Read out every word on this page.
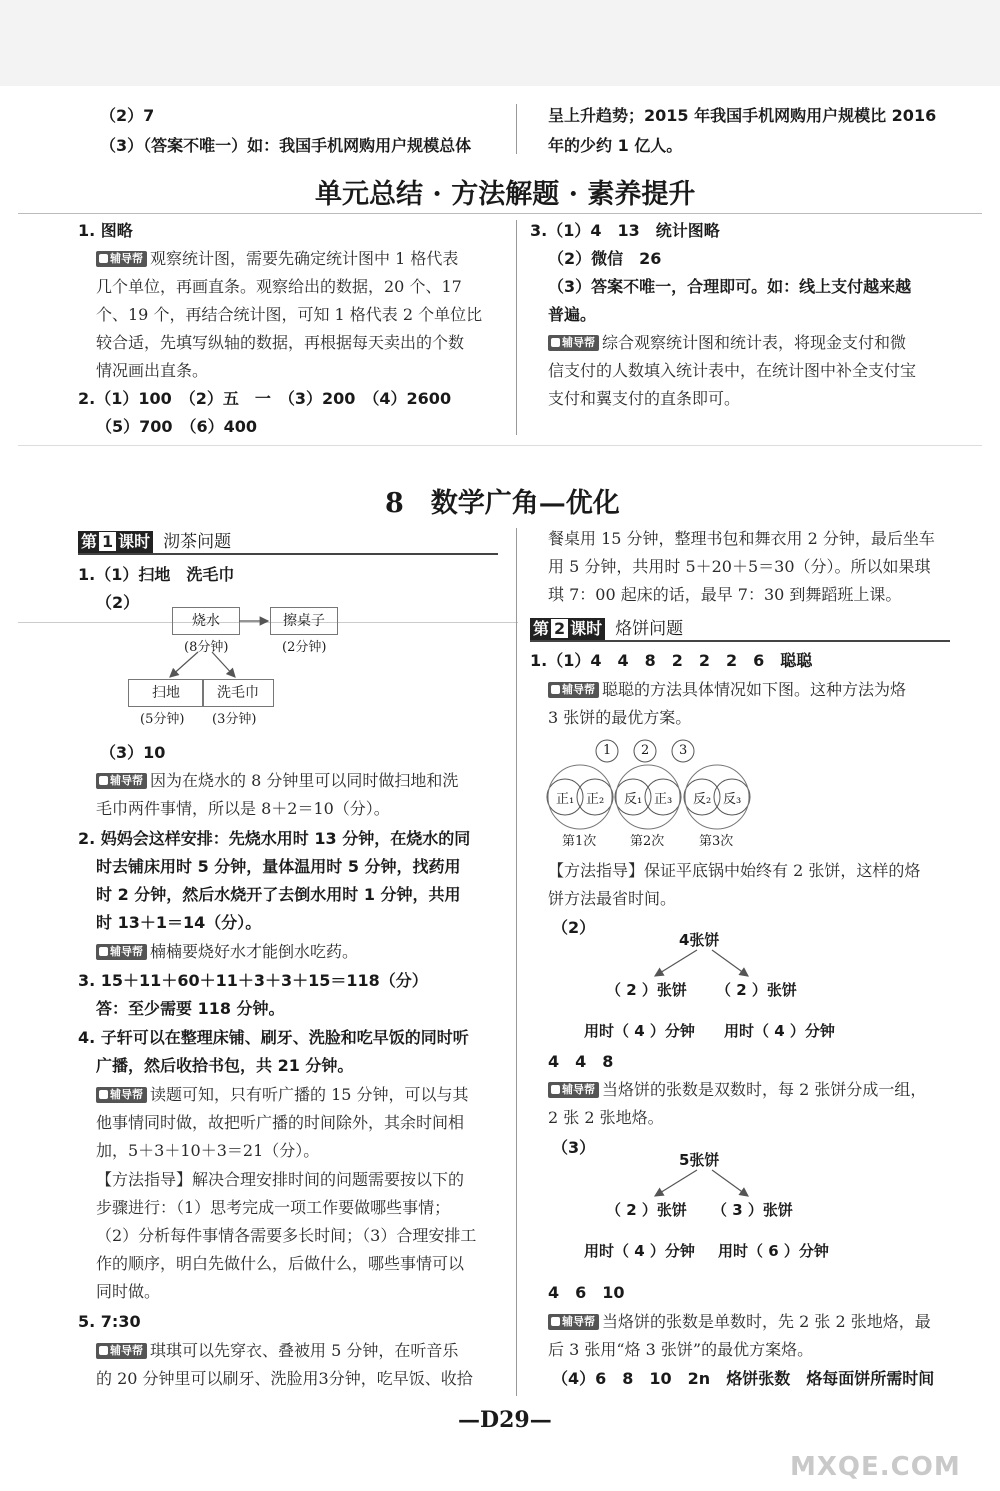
（2）7
（3）（答案不唯一）如：我国手机网购用户规模总体
呈上升趋势；2015 年我国手机网购用户规模比 2016
年的少约 1 亿人。
单元总结 · 方法解题 · 素养提升
1. 图略
辅导帮 观察统计图，需要先确定统计图中 1 格代表
几个单位，再画直条。观察给出的数据，20 个、17
个、19 个，再结合统计图，可知 1 格代表 2 个单位比
较合适，先填写纵轴的数据，再根据每天卖出的个数
情况画出直条。
2.（1）100　（2）五　一　（3）200　（4）2600
（5）700　（6）400
3.（1）4　13　统计图略
（2）微信　26
（3）答案不唯一，合理即可。如：线上支付越来越
普遍。
辅导帮 综合观察统计图和统计表，将现金支付和微
信支付的人数填入统计表中，在统计图中补全支付宝
支付和翼支付的直条即可。
8　数学广角—优化
第 1 课时 沏茶问题
1.（1）扫地　洗毛巾
（2）
烧水	擦桌子
(8分钟)	(2分钟)
扫地	洗毛巾
(5分钟) (3分钟)
（3）10
辅导帮 因为在烧水的 8 分钟里可以同时做扫地和洗
毛巾两件事情，所以是 8＋2＝10（分）。
2. 妈妈会这样安排：先烧水用时 13 分钟，在烧水的同
时去铺床用时 5 分钟，量体温用时 5 分钟，找药用
时 2 分钟，然后水烧开了去倒水用时 1 分钟，共用
时 13＋1＝14（分）。
辅导帮 楠楠要烧好水才能倒水吃药。
3. 15＋11＋60＋11＋3＋3＋15＝118（分）
答：至少需要 118 分钟。
4. 子轩可以在整理床铺、刷牙、洗脸和吃早饭的同时听
广播，然后收拾书包，共 21 分钟。
辅导帮 读题可知，只有听广播的 15 分钟，可以与其
他事情同时做，故把听广播的时间除外，其余时间相
加，5＋3＋10＋3＝21（分）。
【方法指导】解决合理安排时间的问题需要按以下的
步骤进行：（1）思考完成一项工作要做哪些事情；
（2）分析每件事情各需要多长时间；（3）合理安排工
作的顺序，明白先做什么，后做什么，哪些事情可以
同时做。
5. 7:30
辅导帮 琪琪可以先穿衣、叠被用 5 分钟，在听音乐
的 20 分钟里可以刷牙、洗脸用3分钟，吃早饭、收拾
餐桌用 15 分钟，整理书包和舞衣用 2 分钟，最后坐车
用 5 分钟，共用时 5＋20＋5＝30（分）。所以如果琪
琪 7：00 起床的话，最早 7：30 到舞蹈班上课。
第 2 课时 烙饼问题
1.（1）4　4　8　2　2　2　6　聪聪
辅导帮 聪聪的方法具体情况如下图。这种方法为烙
3 张饼的最优方案。
1 2 3
正₁ 正₂ 反₁ 正₃ 反₂ 反₃
第1次	第2次	第3次
【方法指导】保证平底锅中始终有 2 张饼，这样的烙
饼方法最省时间。
（2）
4张饼
（ 2 ）张饼 （ 2 ）张饼
用时（ 4 ）分钟 用时（ 4 ）分钟
4　4　8
辅导帮 当烙饼的张数是双数时，每 2 张饼分成一组，
2 张 2 张地烙。
（3）
5张饼
（ 2 ）张饼 （ 3 ）张饼
用时（ 4 ）分钟 用时（ 6 ）分钟
4　6　10
辅导帮 当烙饼的张数是单数时，先 2 张 2 张地烙，最
后 3 张用“烙 3 张饼”的最优方案烙。
（4）6　8　10　2n　烙饼张数　烙每面饼所需时间
—D29—
MXQE.COM
